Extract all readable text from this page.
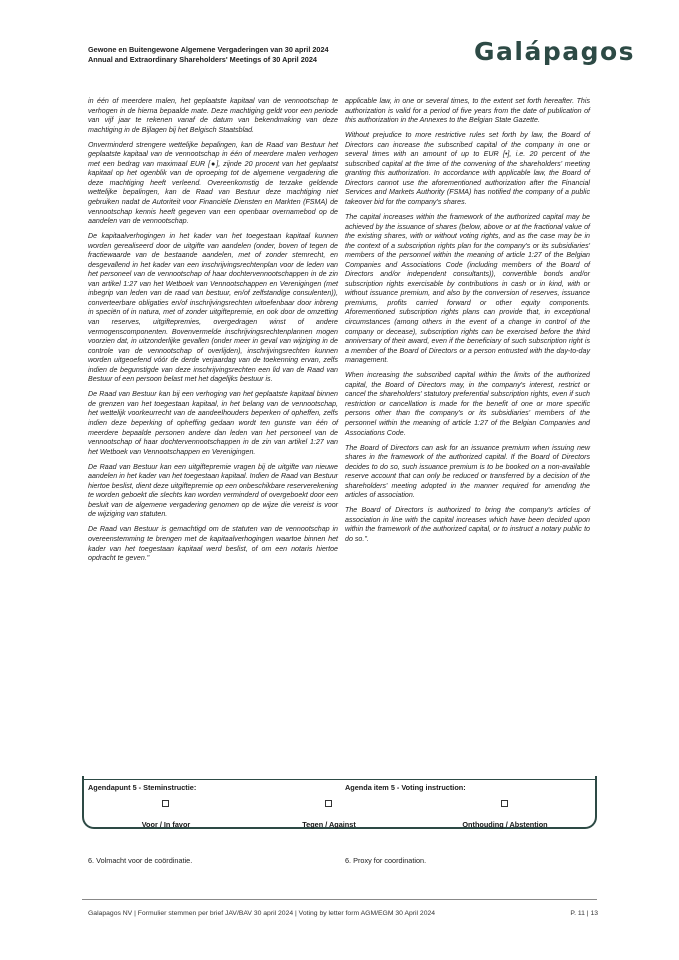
Gewone en Buitengewone Algemene Vergaderingen van 30 april 2024
Annual and Extraordinary Shareholders' Meetings of 30 April 2024	Galápagos

in één of meerdere malen, het geplaatste kapitaal van de vennootschap te verhogen in de hierna bepaalde mate. Deze machtiging geldt voor een periode van vijf jaar te rekenen vanaf de datum van bekendmaking van deze machtiging in de Bijlagen bij het Belgisch Staatsblad.

Onverminderd strengere wettelijke bepalingen, kan de Raad van Bestuur het geplaatste kapitaal van de vennootschap in één of meerdere malen verhogen met een bedrag van maximaal EUR [●], zijnde 20 procent van het geplaatst kapitaal op het ogenblik van de oproeping tot de algemene vergadering die deze machtiging heeft verleend. Overeenkomstig de terzake geldende wettelijke bepalingen, kan de Raad van Bestuur deze machtiging niet gebruiken nadat de Autoriteit voor Financiële Diensten en Markten (FSMA) de vennootschap kennis heeft gegeven van een openbaar overnamebod op de aandelen van de vennootschap.

De kapitaalverhogingen in het kader van het toegestaan kapitaal kunnen worden gerealiseerd door de uitgifte van aandelen (onder, boven of tegen de fractiewaarde van de bestaande aandelen, met of zonder stemrecht, en desgevallend in het kader van een inschrijvingsrechtenplan voor de leden van het personeel van de vennootschap of haar dochtervennootschappen in de zin van artikel 1:27 van het Wetboek van Vennootschappen en Verenigingen (met inbegrip van leden van de raad van bestuur, en/of zelfstandige consulenten)), converteerbare obligaties en/of inschrijvingsrechten uitoefenbaar door inbreng in speciën of in natura, met of zonder uitgiftepremie, en ook door de omzetting van reserves, uitgiftepremies, overgedragen winst of andere vermogenscomponenten. Bovenvermelde inschrijvingsrechtenplannen mogen voorzien dat, in uitzonderlijke gevallen (onder meer in geval van wijziging in de controle van de vennootschap of overlijden), inschrijvingsrechten kunnen worden uitgeoefend vóór de derde verjaardag van de toekenning ervan, zelfs indien de begunstigde van deze inschrijvingsrechten een lid van de Raad van Bestuur of een persoon belast met het dagelijks bestuur is.

De Raad van Bestuur kan bij een verhoging van het geplaatste kapitaal binnen de grenzen van het toegestaan kapitaal, in het belang van de vennootschap, het wettelijk voorkeurrecht van de aandeelhouders beperken of opheffen, zelfs indien deze beperking of opheffing gedaan wordt ten gunste van één of meerdere bepaalde personen andere dan leden van het personeel van de vennootschap of haar dochtervennootschappen in de zin van artikel 1:27 van het Wetboek van Vennootschappen en Verenigingen.

De Raad van Bestuur kan een uitgiftepremie vragen bij de uitgifte van nieuwe aandelen in het kader van het toegestaan kapitaal. Indien de Raad van Bestuur hiertoe beslist, dient deze uitgiftepremie op een onbeschikbare reserverekening te worden geboekt die slechts kan worden verminderd of overgeboekt door een besluit van de algemene vergadering genomen op de wijze die vereist is voor de wijziging van statuten.

De Raad van Bestuur is gemachtigd om de statuten van de vennootschap in overeenstemming te brengen met de kapitaalverhogingen waartoe binnen het kader van het toegestaan kapitaal werd beslist, of om een notaris hiertoe opdracht te geven."

applicable law, in one or several times, to the extent set forth hereafter. This authorization is valid for a period of five years from the date of publication of this authorization in the Annexes to the Belgian State Gazette.

Without prejudice to more restrictive rules set forth by law, the Board of Directors can increase the subscribed capital of the company in one or several times with an amount of up to EUR [•], i.e. 20 percent of the subscribed capital at the time of the convening of the shareholders' meeting granting this authorization. In accordance with applicable law, the Board of Directors cannot use the aforementioned authorization after the Financial Services and Markets Authority (FSMA) has notified the company of a public takeover bid for the company's shares.

The capital increases within the framework of the authorized capital may be achieved by the issuance of shares (below, above or at the fractional value of the existing shares, with or without voting rights, and as the case may be in the context of a subscription rights plan for the company's or its subsidiaries' members of the personnel within the meaning of article 1:27 of the Belgian Companies and Associations Code (including members of the Board of Directors and/or independent consultants)), convertible bonds and/or subscription rights exercisable by contributions in cash or in kind, with or without issuance premium, and also by the conversion of reserves, issuance premiums, profits carried forward or other equity components. Aforementioned subscription rights plans can provide that, in exceptional circumstances (among others in the event of a change in control of the company or decease), subscription rights can be exercised before the third anniversary of their award, even if the beneficiary of such subscription right is a member of the Board of Directors or a person entrusted with the day-to-day management.

When increasing the subscribed capital within the limits of the authorized capital, the Board of Directors may, in the company's interest, restrict or cancel the shareholders' statutory preferential subscription rights, even if such restriction or cancellation is made for the benefit of one or more specific persons other than the company's or its subsidiaries' members of the personnel within the meaning of article 1:27 of the Belgian Companies and Associations Code.

The Board of Directors can ask for an issuance premium when issuing new shares in the framework of the authorized capital. If the Board of Directors decides to do so, such issuance premium is to be booked on a non-available reserve account that can only be reduced or transferred by a decision of the shareholders' meeting adopted in the manner required for amending the articles of association.

The Board of Directors is authorized to bring the company's articles of association in line with the capital increases which have been decided upon within the framework of the authorized capital, or to instruct a notary public to do so.".

Agendapunt 5 - Steminstructie:	Agenda item 5 - Voting instruction:
Voor / In favor	Tegen / Against	Onthouding / Abstention
6. Volmacht voor de coördinatie.	6. Proxy for coordination.
Galapagos NV | Formulier stemmen per brief JAV/BAV 30 april 2024 | Voting by letter form AGM/EGM 30 April 2024	P. 11 | 13
